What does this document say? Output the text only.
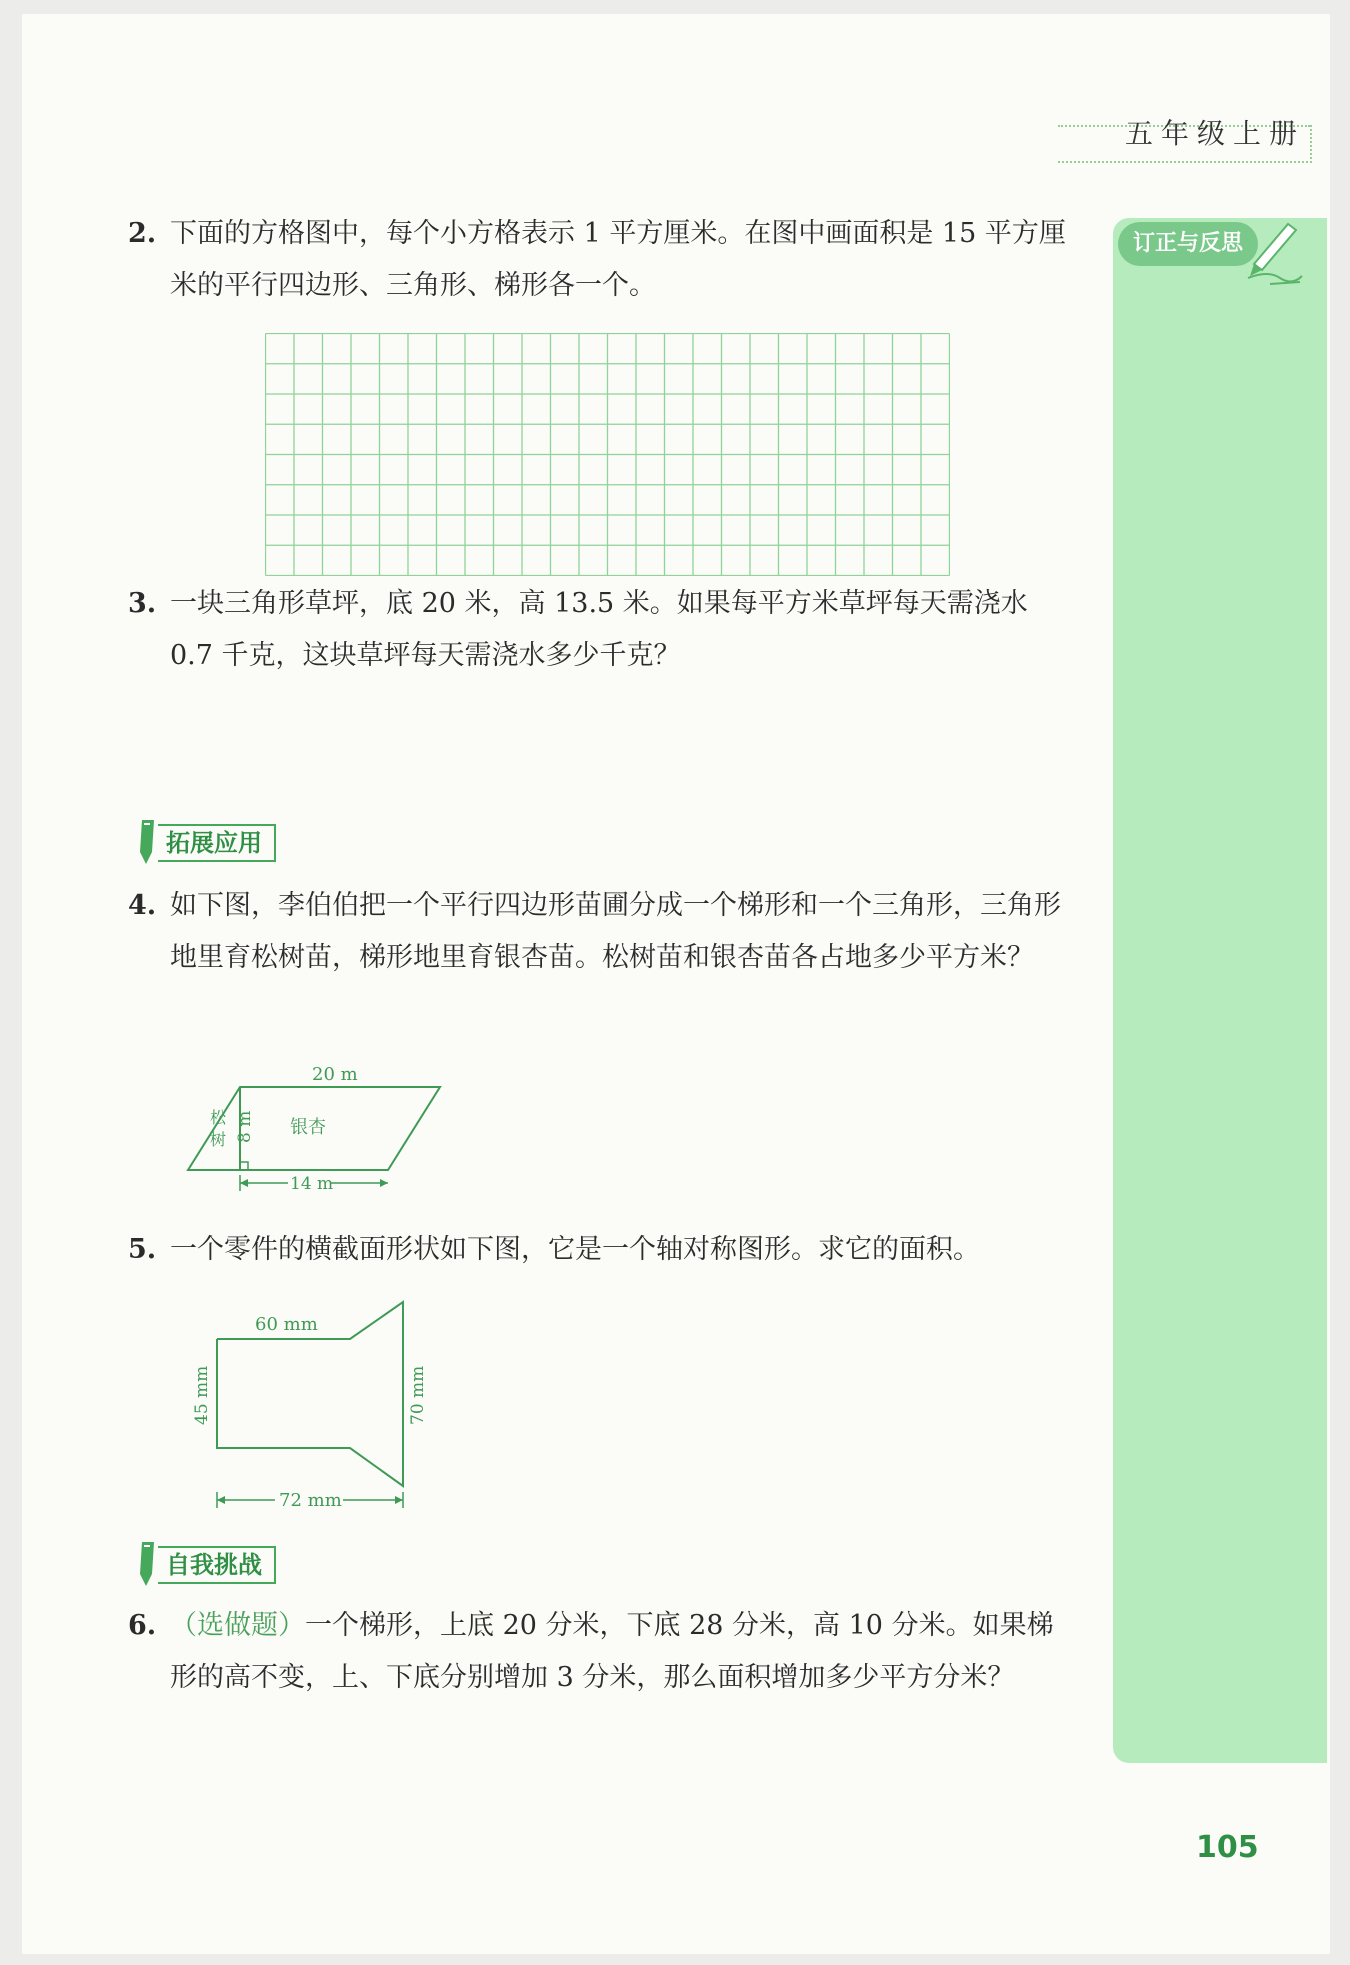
五年级上册
订正与反思
2. 下面的方格图中，每个小方格表示 1 平方厘米。在图中画面积是 15 平方厘米的平行四边形、三角形、梯形各一个。
3. 一块三角形草坪，底 20 米，高 13.5 米。如果每平方米草坪每天需浇水 0.7 千克，这块草坪每天需浇水多少千克？
拓展应用
4. 如下图，李伯伯把一个平行四边形苗圃分成一个梯形和一个三角形，三角形地里育松树苗，梯形地里育银杏苗。松树苗和银杏苗各占地多少平方米？
20 m
8 m 银杏
松树
14 m
5. 一个零件的横截面形状如下图，它是一个轴对称图形。求它的面积。
60 mm
45 mm	70 mm
72 mm
自我挑战
6. （选做题）一个梯形，上底 20 分米，下底 28 分米，高 10 分米。如果梯形的高不变，上、下底分别增加 3 分米，那么面积增加多少平方分米？
105
